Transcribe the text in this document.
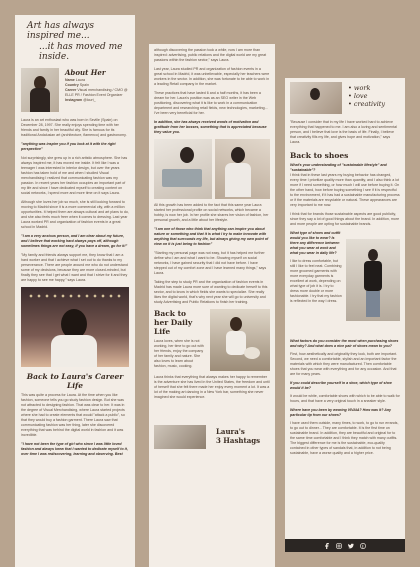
Art has always inspired me...
...it has moved me inside.
About Her
Name Laura
Country Spain
Career Visual merchandising / CMO @ ELLE PR / Fashion Event Organizer
Instagram @lcurt_

Laura is an art enthusiast who was born in Seville (Spain) on December 28, 1997. She really enjoys spending time with her friends and family in her beautiful city. She is famous for its traditional Andalusian art (architecture, flamenco) and gastronomy.

"anything was inspire you if you look at it with the right perspective"

Not surprisingly, she grew up in a rich artistic atmosphere. She has always inspired me, it has moved me inside. It felt like I was a teenager I was interested in interior design, but over the years fashion has taken hold of me and when I studied Visual merchandising I realized that communicating fashion was my passion. In recent years her fashion occupies an important part of my life and since I have dedicated myself to creating content on social networks, I spend more and more time on it says Laura.

Although she loves her job so much, she is still looking forward to moving to Madrid since it is a more commercial city, with a million opportunities. It helped them are always cultural and art plans to do, and she also feels much freer when it comes to dressing. Last year Laura worked PR and organization of fashion events in a great school in Madrid.

"I am a very anxious person, and I am clear about my future, and I believe that working hard always pays off, although sometimes things are not easy, if you have a dream, go for it!"

"My family and friends always support me, they know that I am a hard worker and that I achieve what I set out to do thanks to my perseverance. There are people around me who do not understand some of my decisions, because they are more closed-minded, but finally they see that I get what I want and that I strive for it and they are happy to see me happy," says Laura.

Back to Laura's Career Life

This was quite a process for Laura. At the time when you like fashion, someone tells you go study fashion design. But she was not attracted to designing fashion. That was clear to her. It was in the degree of Visual Merchandising, where Laura started projects where she had to create elements that would "attack a public", so that they would buy a fashion garment. There Laura saw that communicating fashion was her thing, later she discovered everything that was behind the digital world in fashion and it was incredible.

"I have not been the type of girl who since I was little loved fashion and always knew that I wanted to dedicate myself to it, over time I was rediscovering, learning and observing. Best

although discovering the passion took a while, now I am more than inspired: advertising, public relations and the digital world are my great passions within the fashion sector," says Laura.

Last year, Laura studied PR and organization of fashion events in a great school in Madrid, it was unbelievable, especially her teachers were workers in the sector. In addition, she was fortunate to be able to work in a leading Retail company in the market.

These practices that have lasted 6 and a half months, it has been a dream for her. Laura's position was as an SEO writer in the Web positioning, discovering what it is like to work in a communication department and researching retail fields, new technologies, marketing... I've been very beneficial for her.

In addition, she has always received words of motivation and gratitude from her bosses, something that is appreciated because they value you.

All this growth has been added to the fact that this same year Laura started her professional profile on social networks, which became a hobby, is now her job. In her profile she shares her vision of fashion, her personal growth, and a little about her lifestyle.

"I am one of those who think that anything can inspire you about nature or something and that it is what I try to make innovate with anything that surrounds my life, but always giving my own point of view on it is just being to fashion"

"Starting my personal page was not easy, but it has helped me further define who I am and what I want to be. Showing myself on social networks, I have gained security that I did not have before. I have stepped out of my comfort zone and I have learned many things," says Laura.

Taking the step to study PR and the organization of fashion events in Madrid has made Laura more sure of wanting to dedicate herself to this sector, and to know in which fields she wants to specialize. She really likes the digital world, that's why next year she will go to university and study Advertising and Public Relations to finish her training.

Back to
her Daily Life
Laura loves, when she is not working, her time to go out with her friends, enjoy the company of her family and nature. She also loves to learn about fashion, music, cooking.
Laura thinks that everything that always makes her happy to remember is the adventure she has lived in the United States, the freedom and until of herself that she felt there made her enjoy every moment a lot. It was a lot of the making art dancing in a New York bar, something she never imagined she would experience.
Laura's
3 Hashtags
• work
• love
• creativity
"Because I consider that in my life I have worked hard to achieve everything that happened to me. I am also a loving and sentimental person, and I believe that love is the basis of life. Finally, I believe that creativity fills my life, and gives hope and motivation," says Laura.
Back to shoes
What's your understanding of "sustainable lifestyle" and "sustainable"?

I think that in these last years my buying behavior has changed, every time I prioritize quality more than quantity, and I also think a lot more if I need something, or how much I will use before buying it. On the other hand, how before buying something I see if it is respectful to the environment, if it has had a sustainable manufacturing process or if the materials are recyclable or natural. These appearances are very important to me now.

I think that for brands those sustainable aspects are good publicity, since they say a lot of good things about the brand. In addition, more and more people are opting for sustainable brands.

What type of shoes and outfit would you like to wear? Is there any difference between what you wear at work and what you wear in daily life?
I like to dress comfortable, but still I like to feel neat. Combining more groomed garments with more everyday garments is excellent at work, depending on what type of job it is. I try to dress more double or more fashionable. I try that my fashion is reflected in the way I dress.
What factors do you consider the most when purchasing shoes and why? And what does a nice pair of shoes mean to you?
First, how aesthetically and originality they look, both are important. Second, we need a comfortable, stylish and an important factor the materials with which they were manufactured. Then comfortable shoes that you wear with everything and for any occasion. And that are for many years.
If you could describe yourself in a shoe, which type of shoe would it be?
It would be white, comfortable shoes with which to be able to walk for hours, and that have a very original touch in a sneaker style.
Where have you been by wearing VIVAIA? How was it? Any particular tip from our shoes?
I have used them outside, many times, to work, to go to run errands, to go out to dinner... They are comfortable. It is the first time on sustainable brand. In addition, they are beautiful and original for to the same time comfortable and I think they match with many outfits. The biggest difference for me is the sustainable, eco-quality contained in other types of sandals that, in addition to not being sustainable, have a worse quality and a higher price.
